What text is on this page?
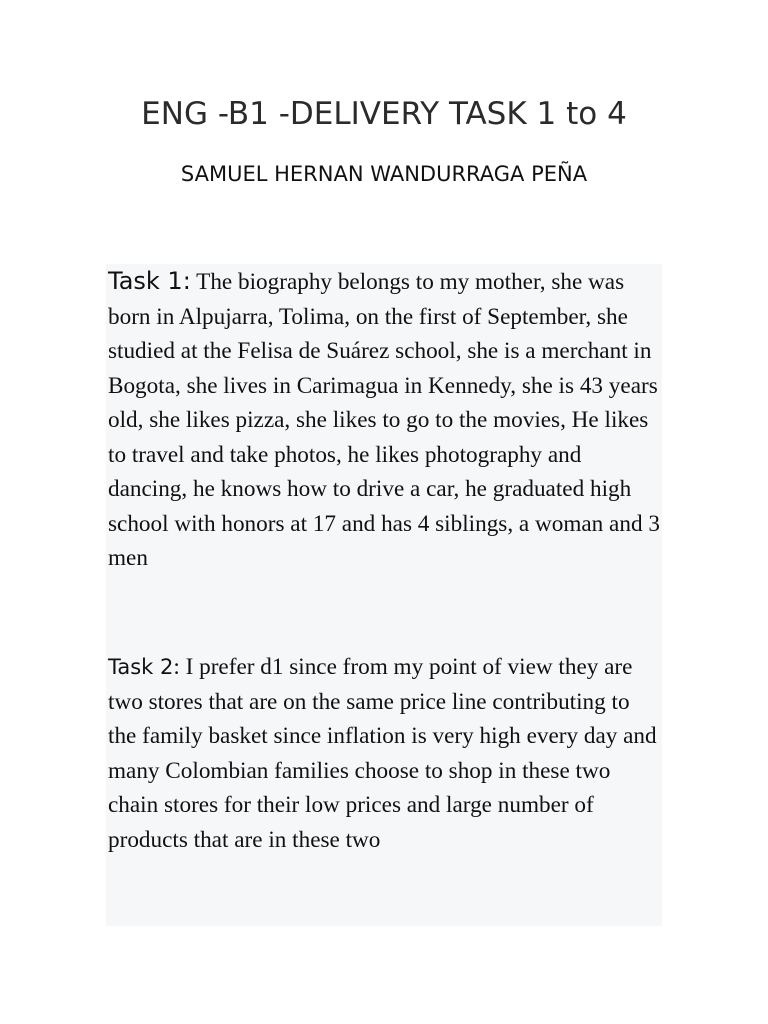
ENG -B1 -DELIVERY TASK 1 to 4
SAMUEL HERNAN WANDURRAGA PEÑA

Task 1: The biography belongs to my mother, she was born in Alpujarra, Tolima, on the first of September, she studied at the Felisa de Suárez school, she is a merchant in Bogota, she lives in Carimagua in Kennedy, she is 43 years old, she likes pizza, she likes to go to the movies, He likes to travel and take photos, he likes photography and dancing, he knows how to drive a car, he graduated high school with honors at 17 and has 4 siblings, a woman and 3 men

Task 2: I prefer d1 since from my point of view they are two stores that are on the same price line contributing to the family basket since inflation is very high every day and many Colombian families choose to shop in these two chain stores for their low prices and large number of products that are in these two
